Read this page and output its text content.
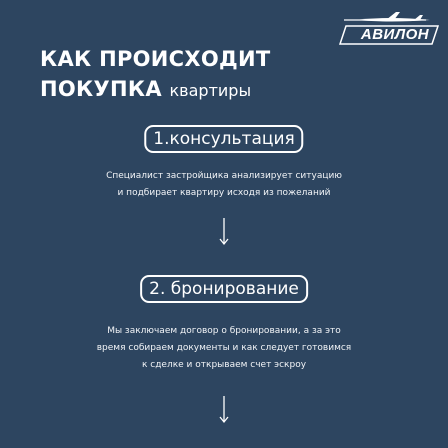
АВИЛОН
КАК ПРОИСХОДИТ
ПОКУПКА квартиры
1.консультация

Специалист застройщика анализирует ситуацию
и подбирает квартиру исходя из пожеланий

2. бронирование

Мы заключаем договор о бронировании, а за это
время собираем документы и как следует готовимся
к сделке и открываем счет эскроу
